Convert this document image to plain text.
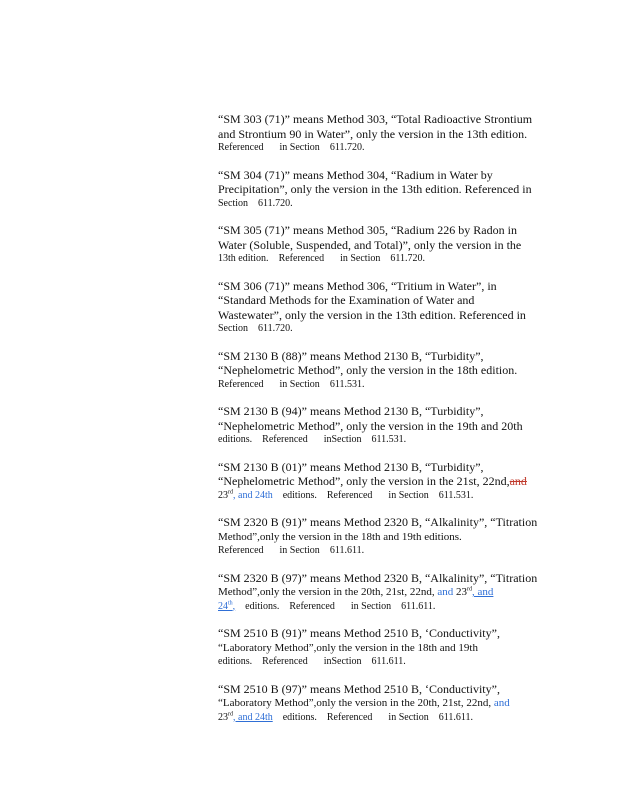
“SM 303 (71)” means Method 303, “Total Radioactive Strontium
and Strontium 90 in Water”, only the version in the 13th edition.
Referenced in Section 611.720.
“SM 304 (71)” means Method 304, “Radium in Water by
Precipitation”, only the version in the 13th edition. Referenced in
Section 611.720.
“SM 305 (71)” means Method 305, “Radium 226 by Radon in
Water (Soluble, Suspended, and Total)”, only the version in the
13th edition. Referenced in Section 611.720.
“SM 306 (71)” means Method 306, “Tritium in Water”, in
“Standard Methods for the Examination of Water and
Wastewater”, only the version in the 13th edition. Referenced in
Section 611.720.
“SM 2130 B (88)” means Method 2130 B, “Turbidity”,
“Nephelometric Method”, only the version in the 18th edition.
Referenced in Section 611.531.
“SM 2130 B (94)” means Method 2130 B, “Turbidity”,
“Nephelometric Method”, only the version in the 19th and 20th
editions. Referenced inSection 611.531.
“SM 2130 B (01)” means Method 2130 B, “Turbidity”,
“Nephelometric Method”, only the version in the 21st, 22nd,and
23rd, and 24th editions. Referenced in Section 611.531.
“SM 2320 B (91)” means Method 2320 B, “Alkalinity”, “Titration
Method”,only the version in the 18th and 19th editions.
Referenced in Section 611.611.
“SM 2320 B (97)” means Method 2320 B, “Alkalinity”, “Titration
Method”,only the version in the 20th, 21st, 22nd, and 23rd, and
24th, editions. Referenced in Section 611.611.
“SM 2510 B (91)” means Method 2510 B, ‘Conductivity”,
“Laboratory Method”,only the version in the 18th and 19th
editions. Referenced inSection 611.611.
“SM 2510 B (97)” means Method 2510 B, ‘Conductivity”,
“Laboratory Method”,only the version in the 20th, 21st, 22nd, and
23rd, and 24th editions. Referenced in Section 611.611.
